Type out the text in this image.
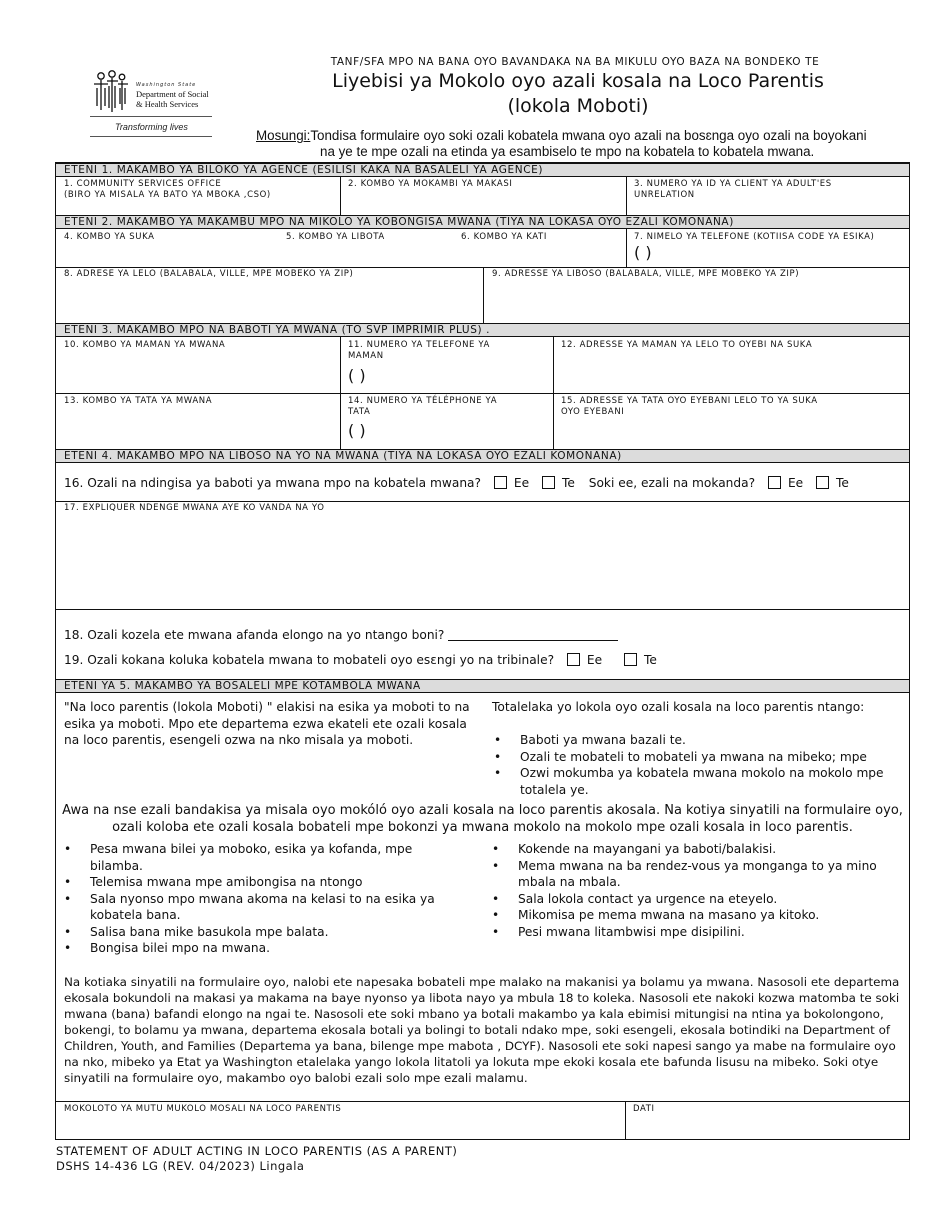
Washington State
Department of Social
& Health Services
Transforming lives
TANF/SFA MPO NA BANA OYO BAVANDAKA NA BA MIKULU OYO BAZA NA BONDEKO TE
Liyebisi ya Mokolo oyo azali kosala na Loco Parentis
(lokola Moboti)
Mosungi:Tondisa formulaire oyo soki ozali kobatela mwana oyo azali na bosɛnga oyo ozali na boyokani
na ye te mpe ozali na etinda ya esambiselo te mpo na kobatela to kobatela mwana.
ETENI 1. MAKAMBO YA BILOKO YA AGENCE (ESILISI KAKA NA BASALELI YA AGENCE)
1. COMMUNITY SERVICES OFFICE
(BIRO YA MISALA YA BATO YA MBOKA ,CSO)
2. KOMBO YA MOKAMBI YA MAKASI	3. NUMERO YA ID YA CLIENT YA ADULT'ES
UNRELATION
ETENI 2. MAKAMBO YA MAKAMBU MPO NA MIKOLO YA KOBONGISA MWANA (TIYA NA LOKASA OYO EZALI KOMONANA)
4. KOMBO YA SUKA	5. KOMBO YA LIBOTA	6. KOMBO YA KATI	7. NIMELO YA TELEFONE (KOTIISA CODE YA ESIKA)
( )
8. ADRESE YA LELO (BALABALA, VILLE, MPE MOBEKO YA ZIP)	9. ADRESSE YA LIBOSO (BALABALA, VILLE, MPE MOBEKO YA ZIP)
ETENI 3. MAKAMBO MPO NA BABOTI YA MWANA (TO SVP IMPRIMIR PLUS) .
10. KOMBO YA MAMAN YA MWANA	11. NUMERO YA TELEFONE YA
MAMAN
( )
12. ADRESSE YA MAMAN YA LELO TO OYEBI NA SUKA
13. KOMBO YA TATA YA MWANA	14. NUMERO YA TÉLÉPHONE YA
TATA
( )
15. ADRESSE YA TATA OYO EYEBANI LELO TO YA SUKA
OYO EYEBANI
ETENI 4. MAKAMBO MPO NA LIBOSO NA YO NA MWANA (TIYA NA LOKASA OYO EZALI KOMONANA)
16. Ozali na ndingisa ya baboti ya mwana mpo na kobatela mwana?	Ee	Te Soki ee, ezali na mokanda?	Ee	Te
17. EXPLIQUER NDENGE MWANA AYE KO VANDA NA YO
18. Ozali kozela ete mwana afanda elongo na yo ntango boni?
19. Ozali kokana koluka kobatela mwana to mobateli oyo esɛngi yo na tribinale?	Ee	Te
ETENI YA 5. MAKAMBO YA BOSALELI MPE KOTAMBOLA MWANA
"Na loco parentis (lokola Moboti) " elakisi na esika ya moboti to na esika ya moboti. Mpo ete departema ezwa ekateli ete ozali kosala na loco parentis, esengeli ozwa na nko misala ya moboti.
Totalelaka yo lokola oyo ozali kosala na loco parentis ntango:
• Baboti ya mwana bazali te.
• Ozali te mobateli to mobateli ya mwana na mibeko; mpe
• Ozwi mokumba ya kobatela mwana mokolo na mokolo mpe totalela ye.
Awa na nse ezali bandakisa ya misala oyo mokóló oyo azali kosala na loco parentis akosala. Na kotiya sinyatili na formulaire oyo, ozali koloba ete ozali kosala bobateli mpe bokonzi ya mwana mokolo na mokolo mpe ozali kosala in loco parentis.
• Pesa mwana bilei ya moboko, esika ya kofanda, mpe bilamba.
• Telemisa mwana mpe amibongisa na ntongo
• Sala nyonso mpo mwana akoma na kelasi to na esika ya kobatela bana.
• Salisa bana mike basukola mpe balata.
• Bongisa bilei mpo na mwana.
• Kokende na mayangani ya baboti/balakisi.
• Mema mwana na ba rendez-vous ya monganga to ya mino mbala na mbala.
• Sala lokola contact ya urgence na eteyelo.
• Mikomisa pe mema mwana na masano ya kitoko.
• Pesi mwana litambwisi mpe disipilini.
Na kotiaka sinyatili na formulaire oyo, nalobi ete napesaka bobateli mpe malako na makanisi ya bolamu ya mwana. Nasosoli ete departema ekosala bokundoli na makasi ya makama na baye nyonso ya libota nayo ya mbula 18 to koleka. Nasosoli ete nakoki kozwa matomba te soki mwana (bana) bafandi elongo na ngai te. Nasosoli ete soki mbano ya botali makambo ya kala ebimisi mitungisi na ntina ya bokolongono, bokengi, to bolamu ya mwana, departema ekosala botali ya bolingi to botali ndako mpe, soki esengeli, ekosala botindiki na Department of Children, Youth, and Families (Departema ya bana, bilenge mpe mabota , DCYF). Nasosoli ete soki napesi sango ya mabe na formulaire oyo na nko, mibeko ya Etat ya Washington etalelaka yango lokola litatoli ya lokuta mpe ekoki kosala ete bafunda lisusu na mibeko. Soki otye sinyatili na formulaire oyo, makambo oyo balobi ezali solo mpe ezali malamu.
MOKOLOTO YA MUTU MUKOLO MOSALI NA LOCO PARENTIS	DATI
STATEMENT OF ADULT ACTING IN LOCO PARENTIS (AS A PARENT)
DSHS 14-436 LG (REV. 04/2023) Lingala
